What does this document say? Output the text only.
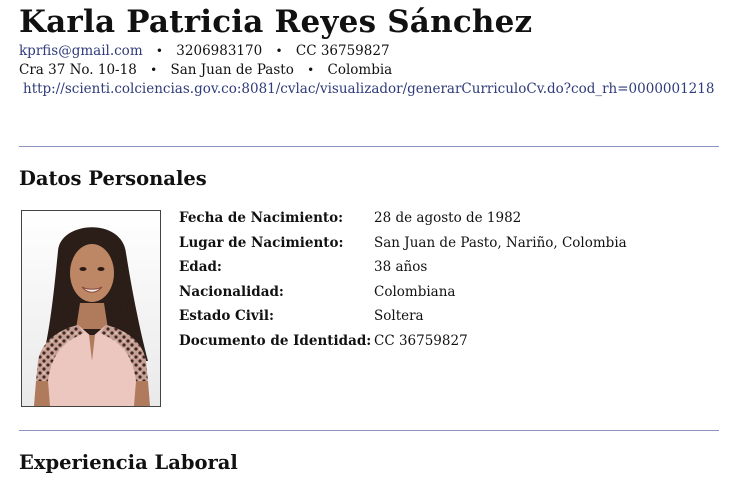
Karla Patricia Reyes Sánchez
kprfis@gmail.com • 3206983170 • CC 36759827
Cra 37 No. 10-18 • San Juan de Pasto • Colombia
http://scienti.colciencias.gov.co:8081/cvlac/visualizador/generarCurriculoCv.do?cod_rh=0000001218
Datos Personales
Fecha de Nacimiento:	28 de agosto de 1982
Lugar de Nacimiento:	San Juan de Pasto, Nariño, Colombia
Edad:	38 años
Nacionalidad:	Colombiana
Estado Civil:	Soltera
Documento de Identidad:	CC 36759827
Experiencia Laboral
